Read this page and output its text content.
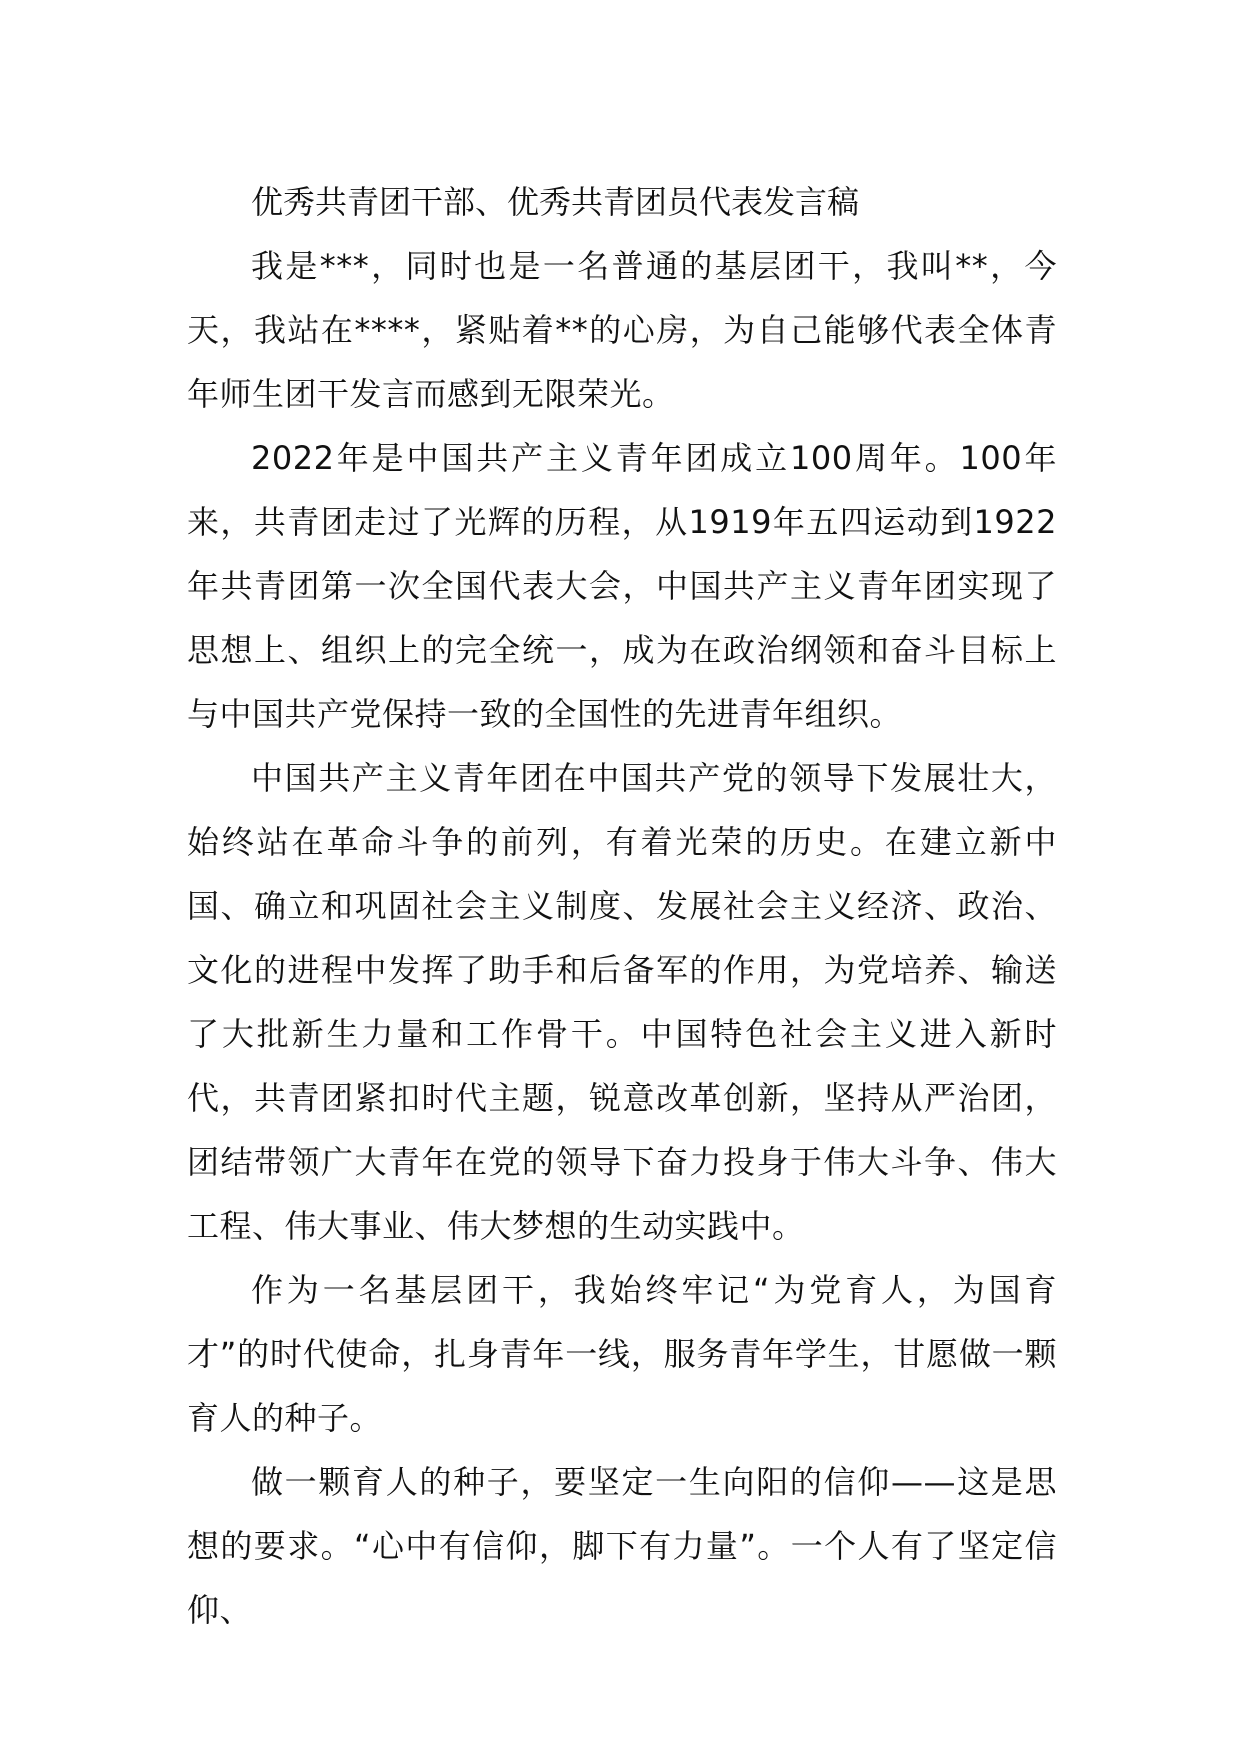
优秀共青团干部、优秀共青团员代表发言稿

我是***，同时也是一名普通的基层团干，我叫**，今天，我站在****，紧贴着**的心房，为自己能够代表全体青年师生团干发言而感到无限荣光。

2022年是中国共产主义青年团成立100周年。100年来，共青团走过了光辉的历程，从1919年五四运动到1922年共青团第一次全国代表大会，中国共产主义青年团实现了思想上、组织上的完全统一，成为在政治纲领和奋斗目标上与中国共产党保持一致的全国性的先进青年组织。

中国共产主义青年团在中国共产党的领导下发展壮大，始终站在革命斗争的前列，有着光荣的历史。在建立新中国、确立和巩固社会主义制度、发展社会主义经济、政治、文化的进程中发挥了助手和后备军的作用，为党培养、输送了大批新生力量和工作骨干。中国特色社会主义进入新时代，共青团紧扣时代主题，锐意改革创新，坚持从严治团，团结带领广大青年在党的领导下奋力投身于伟大斗争、伟大工程、伟大事业、伟大梦想的生动实践中。

作为一名基层团干，我始终牢记“为党育人，为国育才”的时代使命，扎身青年一线，服务青年学生，甘愿做一颗育人的种子。

做一颗育人的种子，要坚定一生向阳的信仰——这是思想的要求。“心中有信仰，脚下有力量”。一个人有了坚定信仰、
